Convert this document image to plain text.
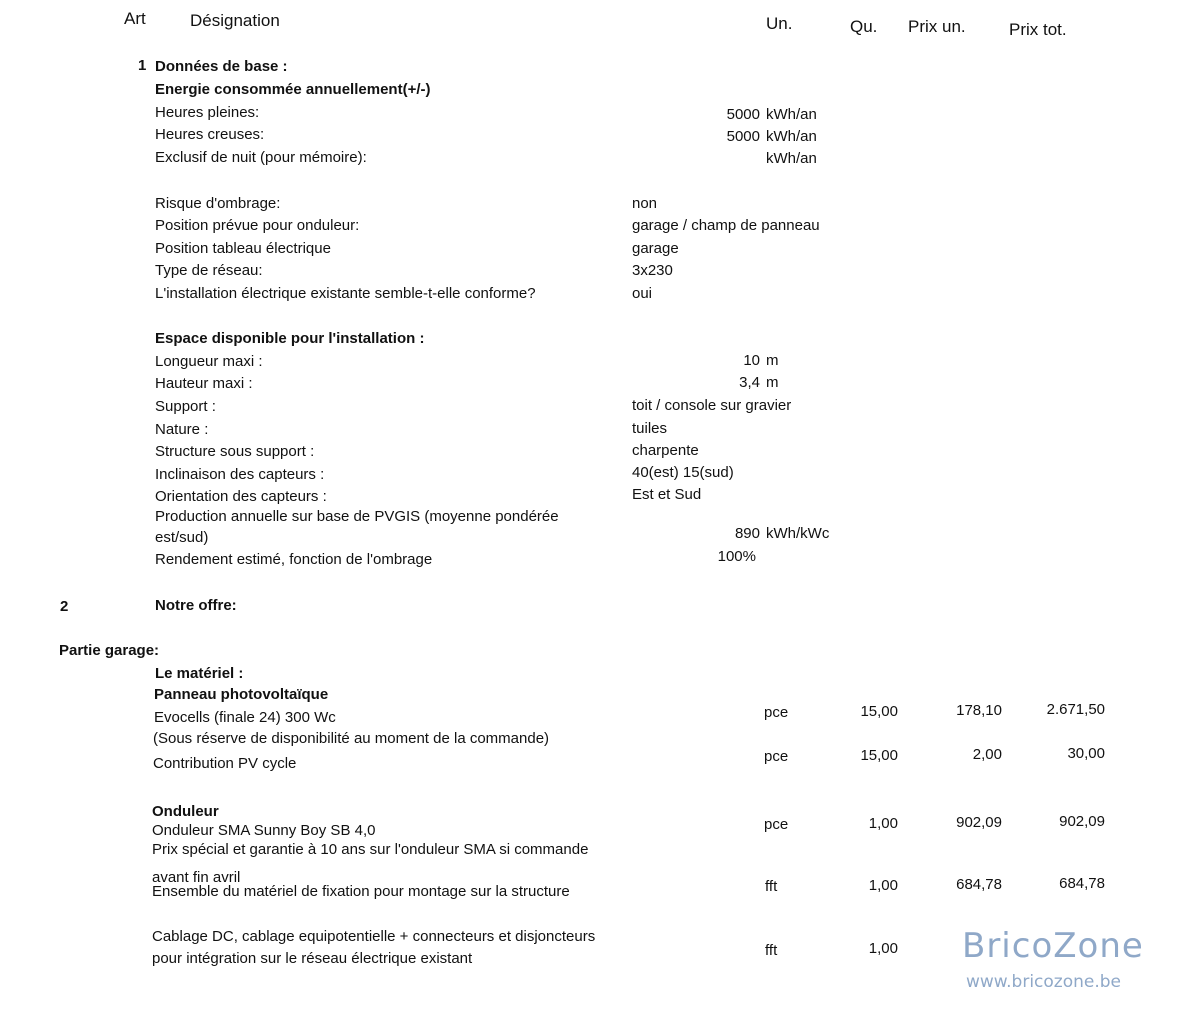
Art	Désignation	Un.	Qu. Prix un.	Prix tot.
1 Données de base :
Energie consommée annuellement(+/-)
Heures pleines:	5000 kWh/an
Heures creuses:	5000 kWh/an
Exclusif de nuit (pour mémoire):	kWh/an
Risque d'ombrage:	non
Position prévue pour onduleur:	garage / champ de panneau
Position tableau électrique	garage
Type de réseau:	3x230
L'installation électrique existante semble-t-elle conforme?	oui
Espace disponible pour l'installation :
Longueur maxi :	10 m
Hauteur maxi :	3,4 m
Support :	toit / console sur gravier
Nature :	tuiles
Structure sous support :	charpente
Inclinaison des capteurs :	40(est) 15(sud)
Orientation des capteurs :	Est et Sud
Production annuelle sur base de PVGIS (moyenne pondérée
est/sud)	890 kWh/kWc
Rendement estimé, fonction de l'ombrage	100%
2	Notre offre:
Partie garage:
Le matériel :
Panneau photovoltaïque
Evocells (finale 24) 300 Wc	pce	15,00	178,10	2.671,50
(Sous réserve de disponibilité au moment de la commande)
Contribution PV cycle	pce	15,00	2,00	30,00
Onduleur
Onduleur SMA Sunny Boy SB 4,0	pce	1,00	902,09	902,09
Prix spécial et garantie à 10 ans sur l'onduleur SMA si commande
avant fin avril
Ensemble du matériel de fixation pour montage sur la structure	fft	1,00	684,78	684,78
Cablage DC, cablage equipotentielle + connecteurs et disjoncteurs
pour intégration sur le réseau électrique existant	fft	1,00 BricoZone
www.bricozone.be
